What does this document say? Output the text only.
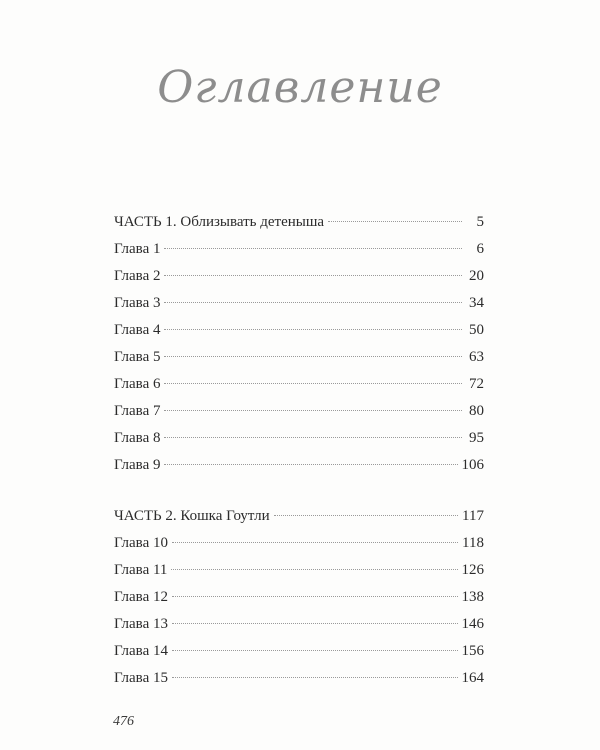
Оглавление
ЧАСТЬ 1. Облизывать детеныша	5
Глава 1	6
Глава 2	20
Глава 3	34
Глава 4	50
Глава 5	63
Глава 6	72
Глава 7	80
Глава 8	95
Глава 9	106
ЧАСТЬ 2. Кошка Гоутли	117
Глава 10	118
Глава 11	126
Глава 12	138
Глава 13	146
Глава 14	156
Глава 15	164
476
